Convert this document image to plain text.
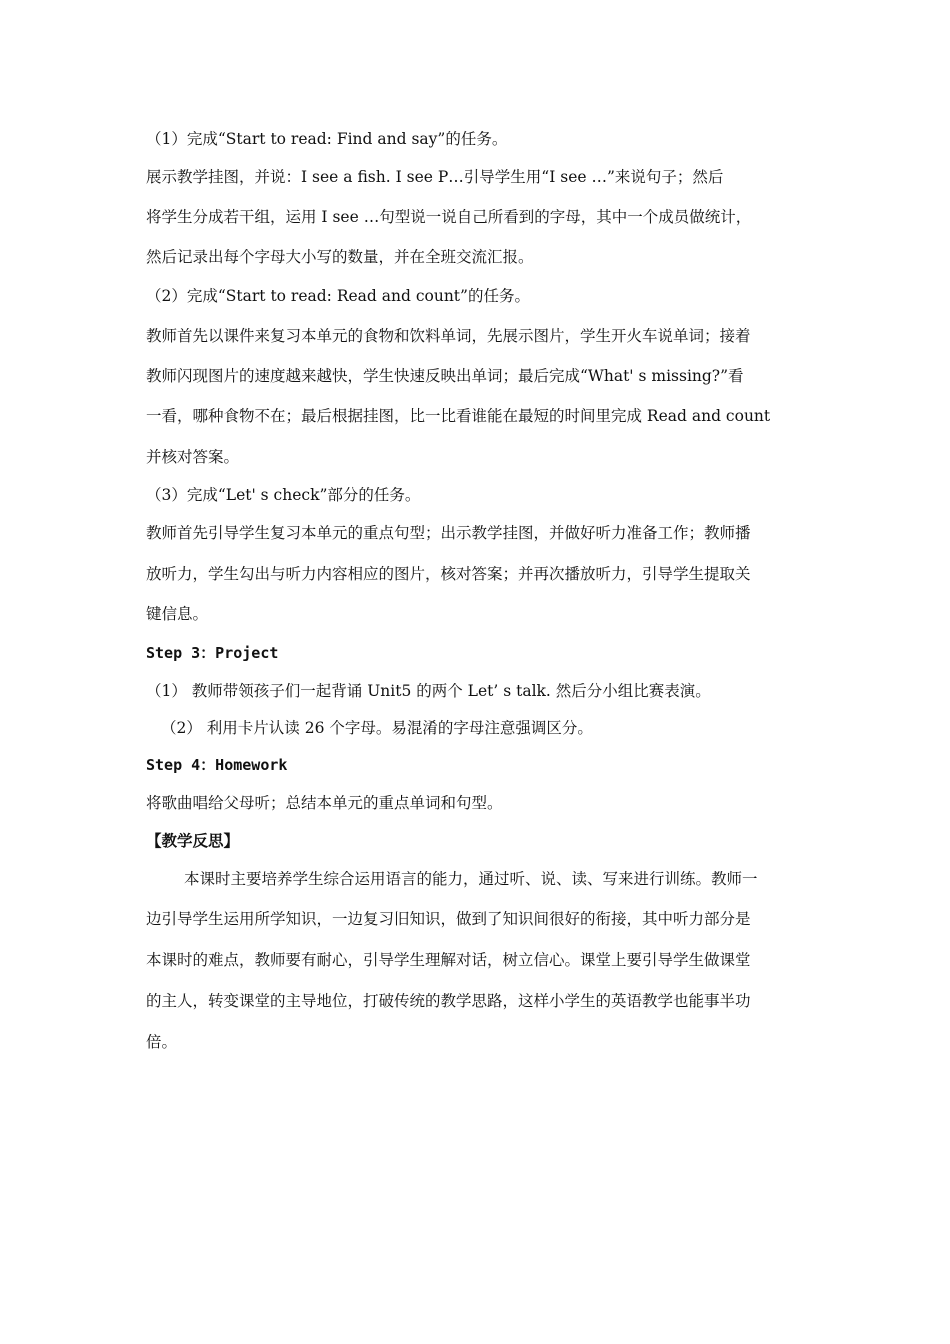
（1）完成“Start to read: Find and say”的任务。
展示教学挂图，并说：I see a fish. I see P…引导学生用“I see …”来说句子；然后
将学生分成若干组，运用 I see …句型说一说自己所看到的字母，其中一个成员做统计，
然后记录出每个字母大小写的数量，并在全班交流汇报。
（2）完成“Start to read: Read and count”的任务。
教师首先以课件来复习本单元的食物和饮料单词，先展示图片，学生开火车说单词；接着
教师闪现图片的速度越来越快，学生快速反映出单词；最后完成“What' s missing?”看
一看，哪种食物不在；最后根据挂图，比一比看谁能在最短的时间里完成 Read and count
并核对答案。
（3）完成“Let' s check”部分的任务。
教师首先引导学生复习本单元的重点句型；出示教学挂图，并做好听力准备工作；教师播
放听力，学生勾出与听力内容相应的图片，核对答案；并再次播放听力，引导学生提取关
键信息。
Step 3：Project
（1） 教师带领孩子们一起背诵 Unit5 的两个 Let’ s talk. 然后分小组比赛表演。
（2） 利用卡片认读 26 个字母。易混淆的字母注意强调区分。
Step 4：Homework
将歌曲唱给父母听；总结本单元的重点单词和句型。
【教学反思】
本课时主要培养学生综合运用语言的能力，通过听、说、读、写来进行训练。教师一
边引导学生运用所学知识，一边复习旧知识，做到了知识间很好的衔接，其中听力部分是
本课时的难点，教师要有耐心，引导学生理解对话，树立信心。课堂上要引导学生做课堂
的主人，转变课堂的主导地位，打破传统的教学思路，这样小学生的英语教学也能事半功
倍。
